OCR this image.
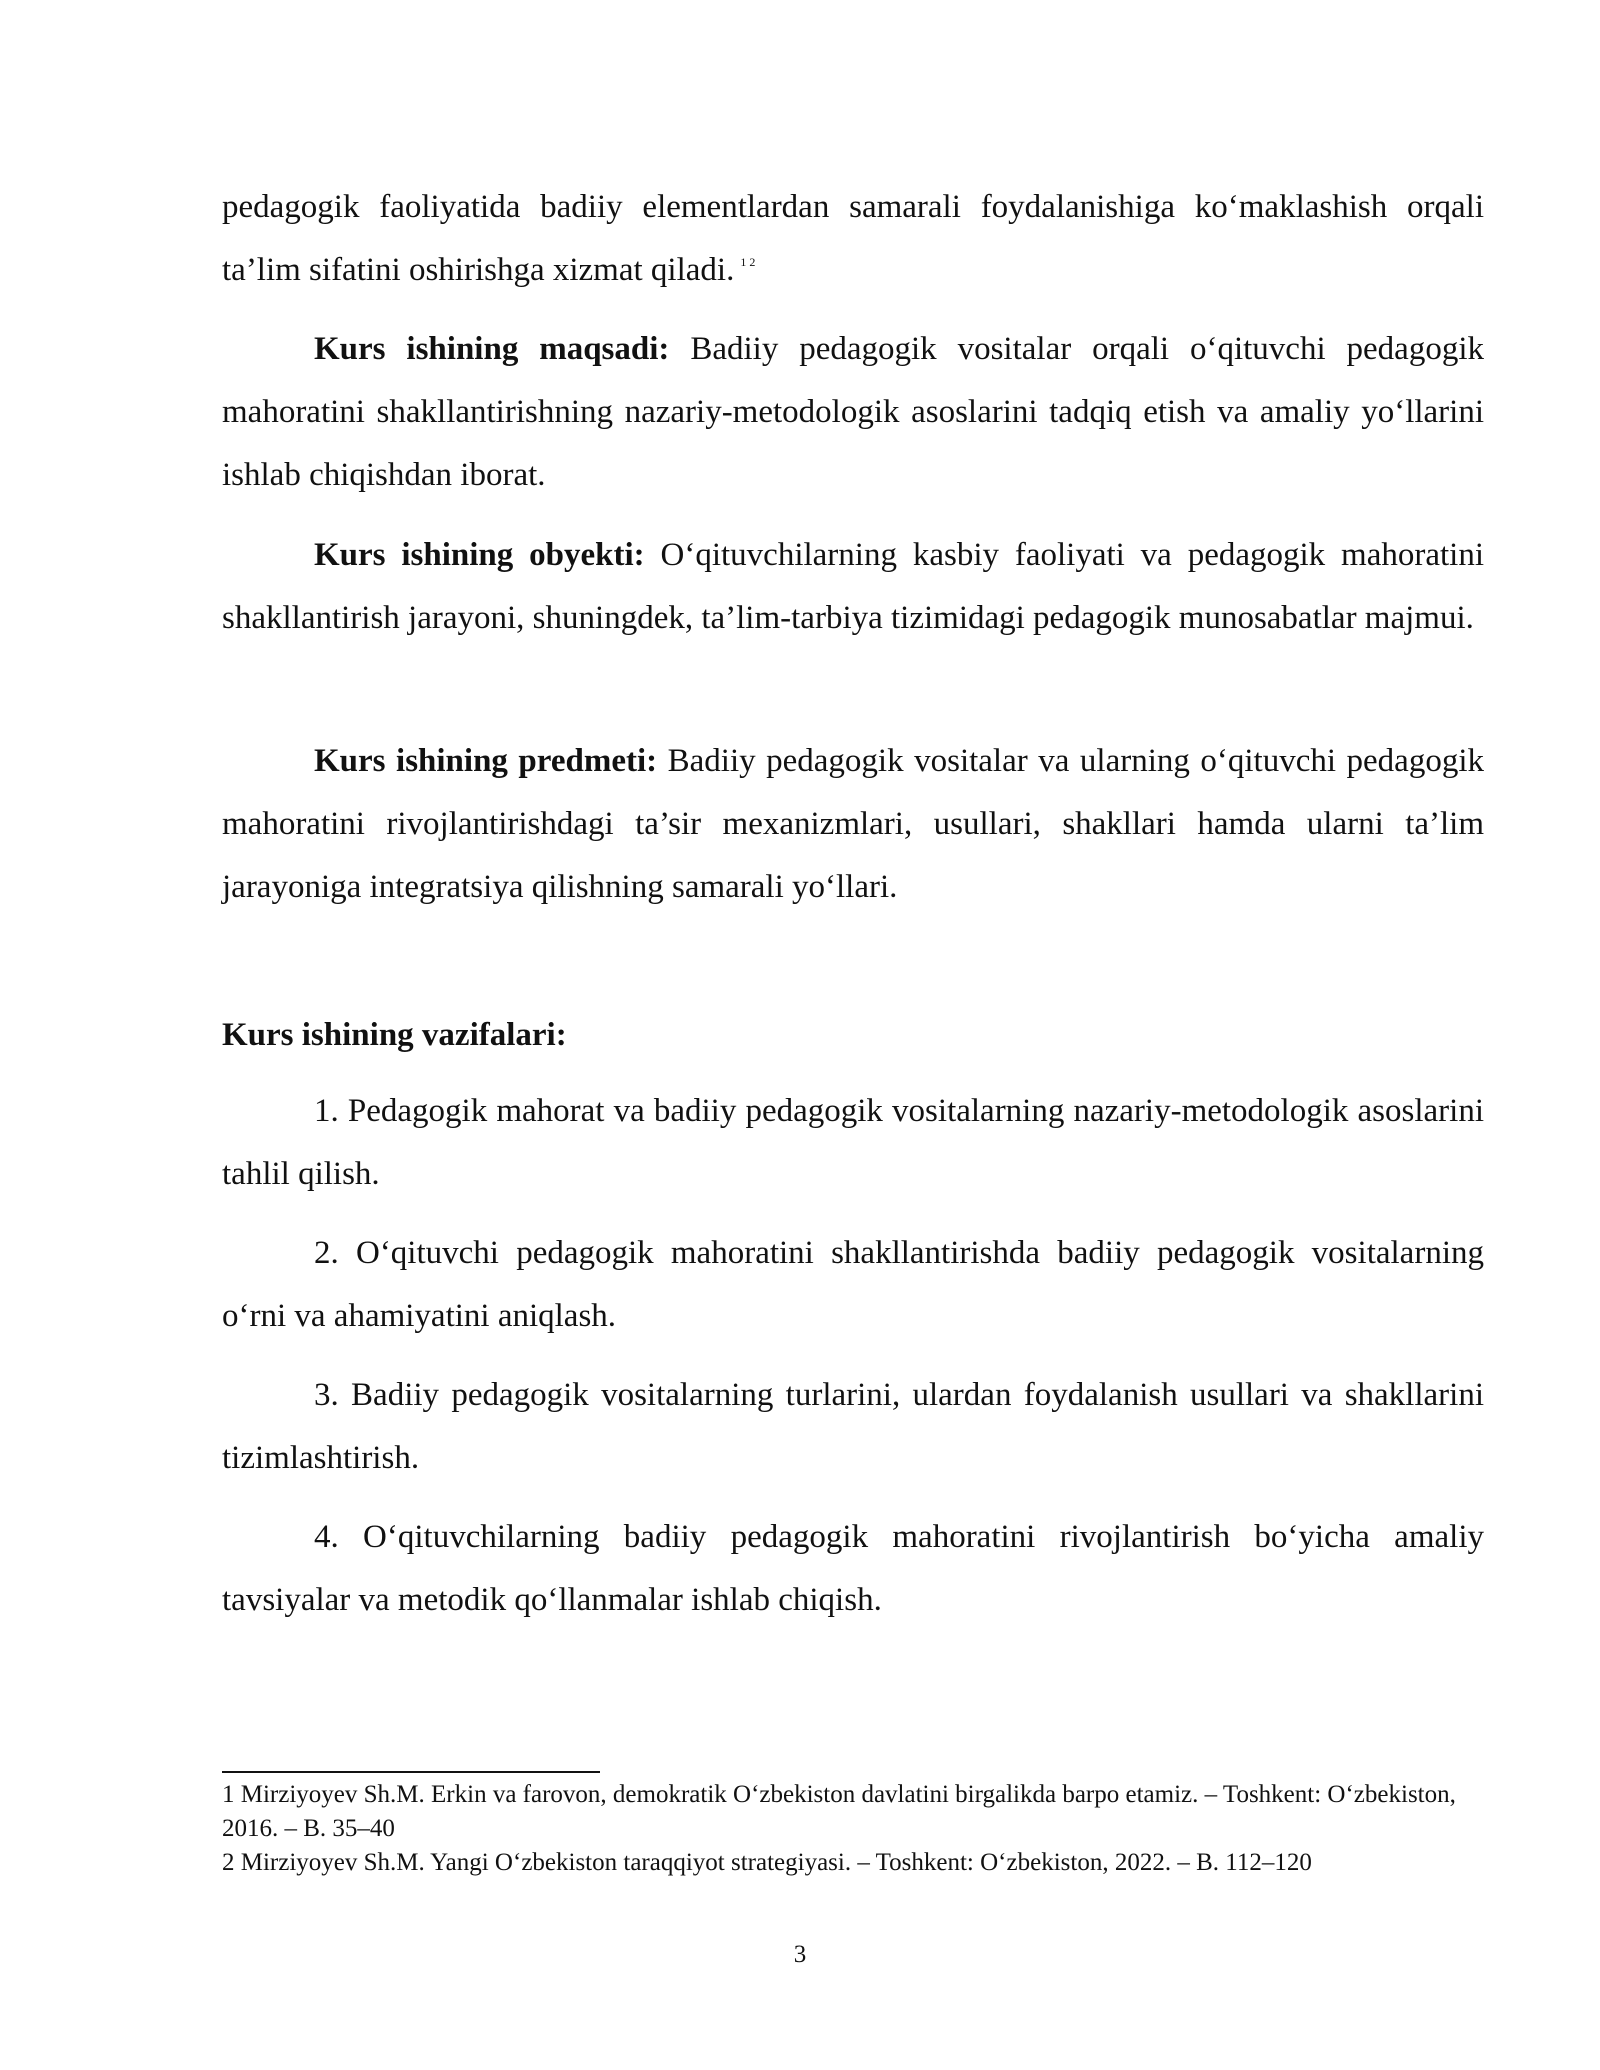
pedagogik faoliyatida badiiy elementlardan samarali foydalanishiga ko‘maklashish orqali ta’lim sifatini oshirishga xizmat qiladi. $^{1 2}$

Kurs ishining maqsadi: Badiiy pedagogik vositalar orqali o‘qituvchi pedagogik mahoratini shakllantirishning nazariy-metodologik asoslarini tadqiq etish va amaliy yo‘llarini ishlab chiqishdan iborat.

Kurs ishining obyekti: O‘qituvchilarning kasbiy faoliyati va pedagogik mahoratini shakllantirish jarayoni, shuningdek, ta’lim-tarbiya tizimidagi pedagogik munosabatlar majmui.

Kurs ishining predmeti: Badiiy pedagogik vositalar va ularning o‘qituvchi pedagogik mahoratini rivojlantirishdagi ta’sir mexanizmlari, usullari, shakllari hamda ularni ta’lim jarayoniga integratsiya qilishning samarali yo‘llari.

Kurs ishining vazifalari:

1. Pedagogik mahorat va badiiy pedagogik vositalarning nazariy-metodologik asoslarini tahlil qilish.

2. O‘qituvchi pedagogik mahoratini shakllantirishda badiiy pedagogik vositalarning o‘rni va ahamiyatini aniqlash.

3. Badiiy pedagogik vositalarning turlarini, ulardan foydalanish usullari va shakllarini tizimlashtirish.

4. O‘qituvchilarning badiiy pedagogik mahoratini rivojlantirish bo‘yicha amaliy tavsiyalar va metodik qo‘llanmalar ishlab chiqish.

1 Mirziyoyev Sh.M. Erkin va farovon, demokratik O‘zbekiston davlatini birgalikda barpo etamiz. – Toshkent: O‘zbekiston, 2016. – B. 35–40

2 Mirziyoyev Sh.M. Yangi O‘zbekiston taraqqiyot strategiyasi. – Toshkent: O‘zbekiston, 2022. – B. 112–120

3
